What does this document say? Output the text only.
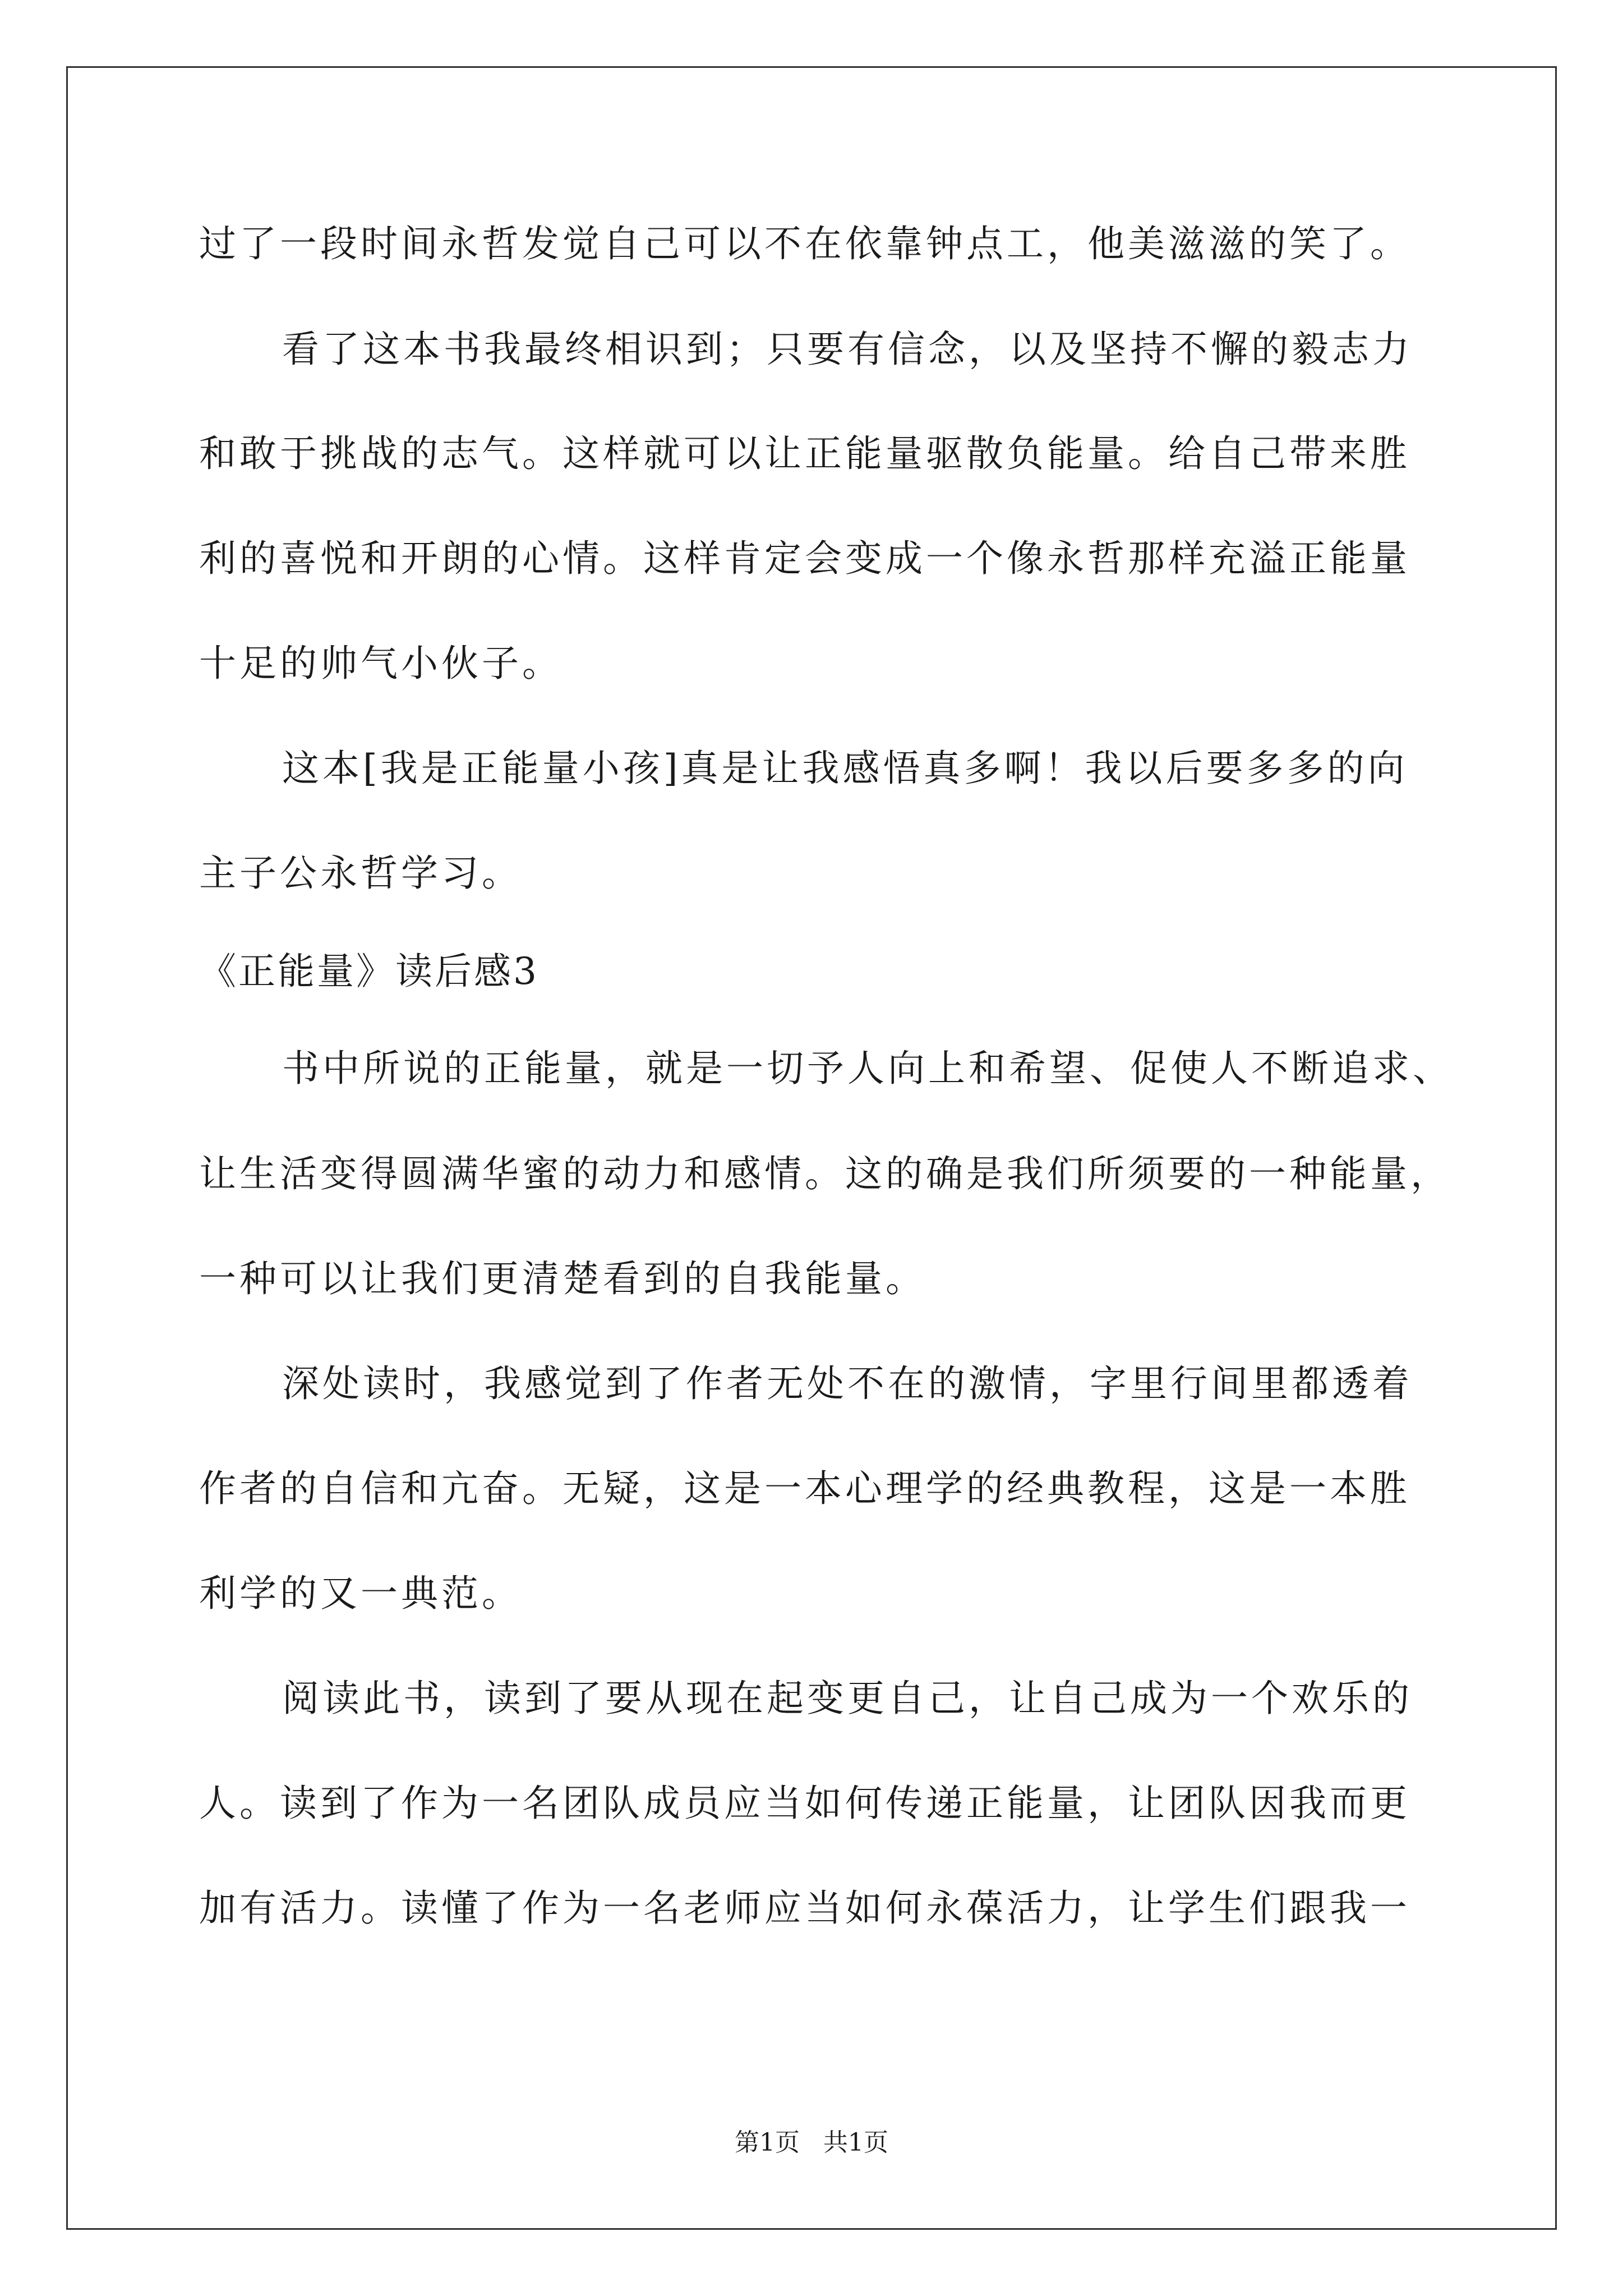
过了一段时间永哲发觉自己可以不在依靠钟点工，他美滋滋的笑了。
看了这本书我最终相识到；只要有信念，以及坚持不懈的毅志力
和敢于挑战的志气。这样就可以让正能量驱散负能量。给自己带来胜
利的喜悦和开朗的心情。这样肯定会变成一个像永哲那样充溢正能量
十足的帅气小伙子。
这本[我是正能量小孩]真是让我感悟真多啊！我以后要多多的向
主子公永哲学习。
《正能量》读后感3
书中所说的正能量，就是一切予人向上和希望、促使人不断追求、
让生活变得圆满华蜜的动力和感情。这的确是我们所须要的一种能量，
一种可以让我们更清楚看到的自我能量。
深处读时，我感觉到了作者无处不在的激情，字里行间里都透着
作者的自信和亢奋。无疑，这是一本心理学的经典教程，这是一本胜
利学的又一典范。
阅读此书，读到了要从现在起变更自己，让自己成为一个欢乐的
人。读到了作为一名团队成员应当如何传递正能量，让团队因我而更
加有活力。读懂了作为一名老师应当如何永葆活力，让学生们跟我一
第1页 共1页
